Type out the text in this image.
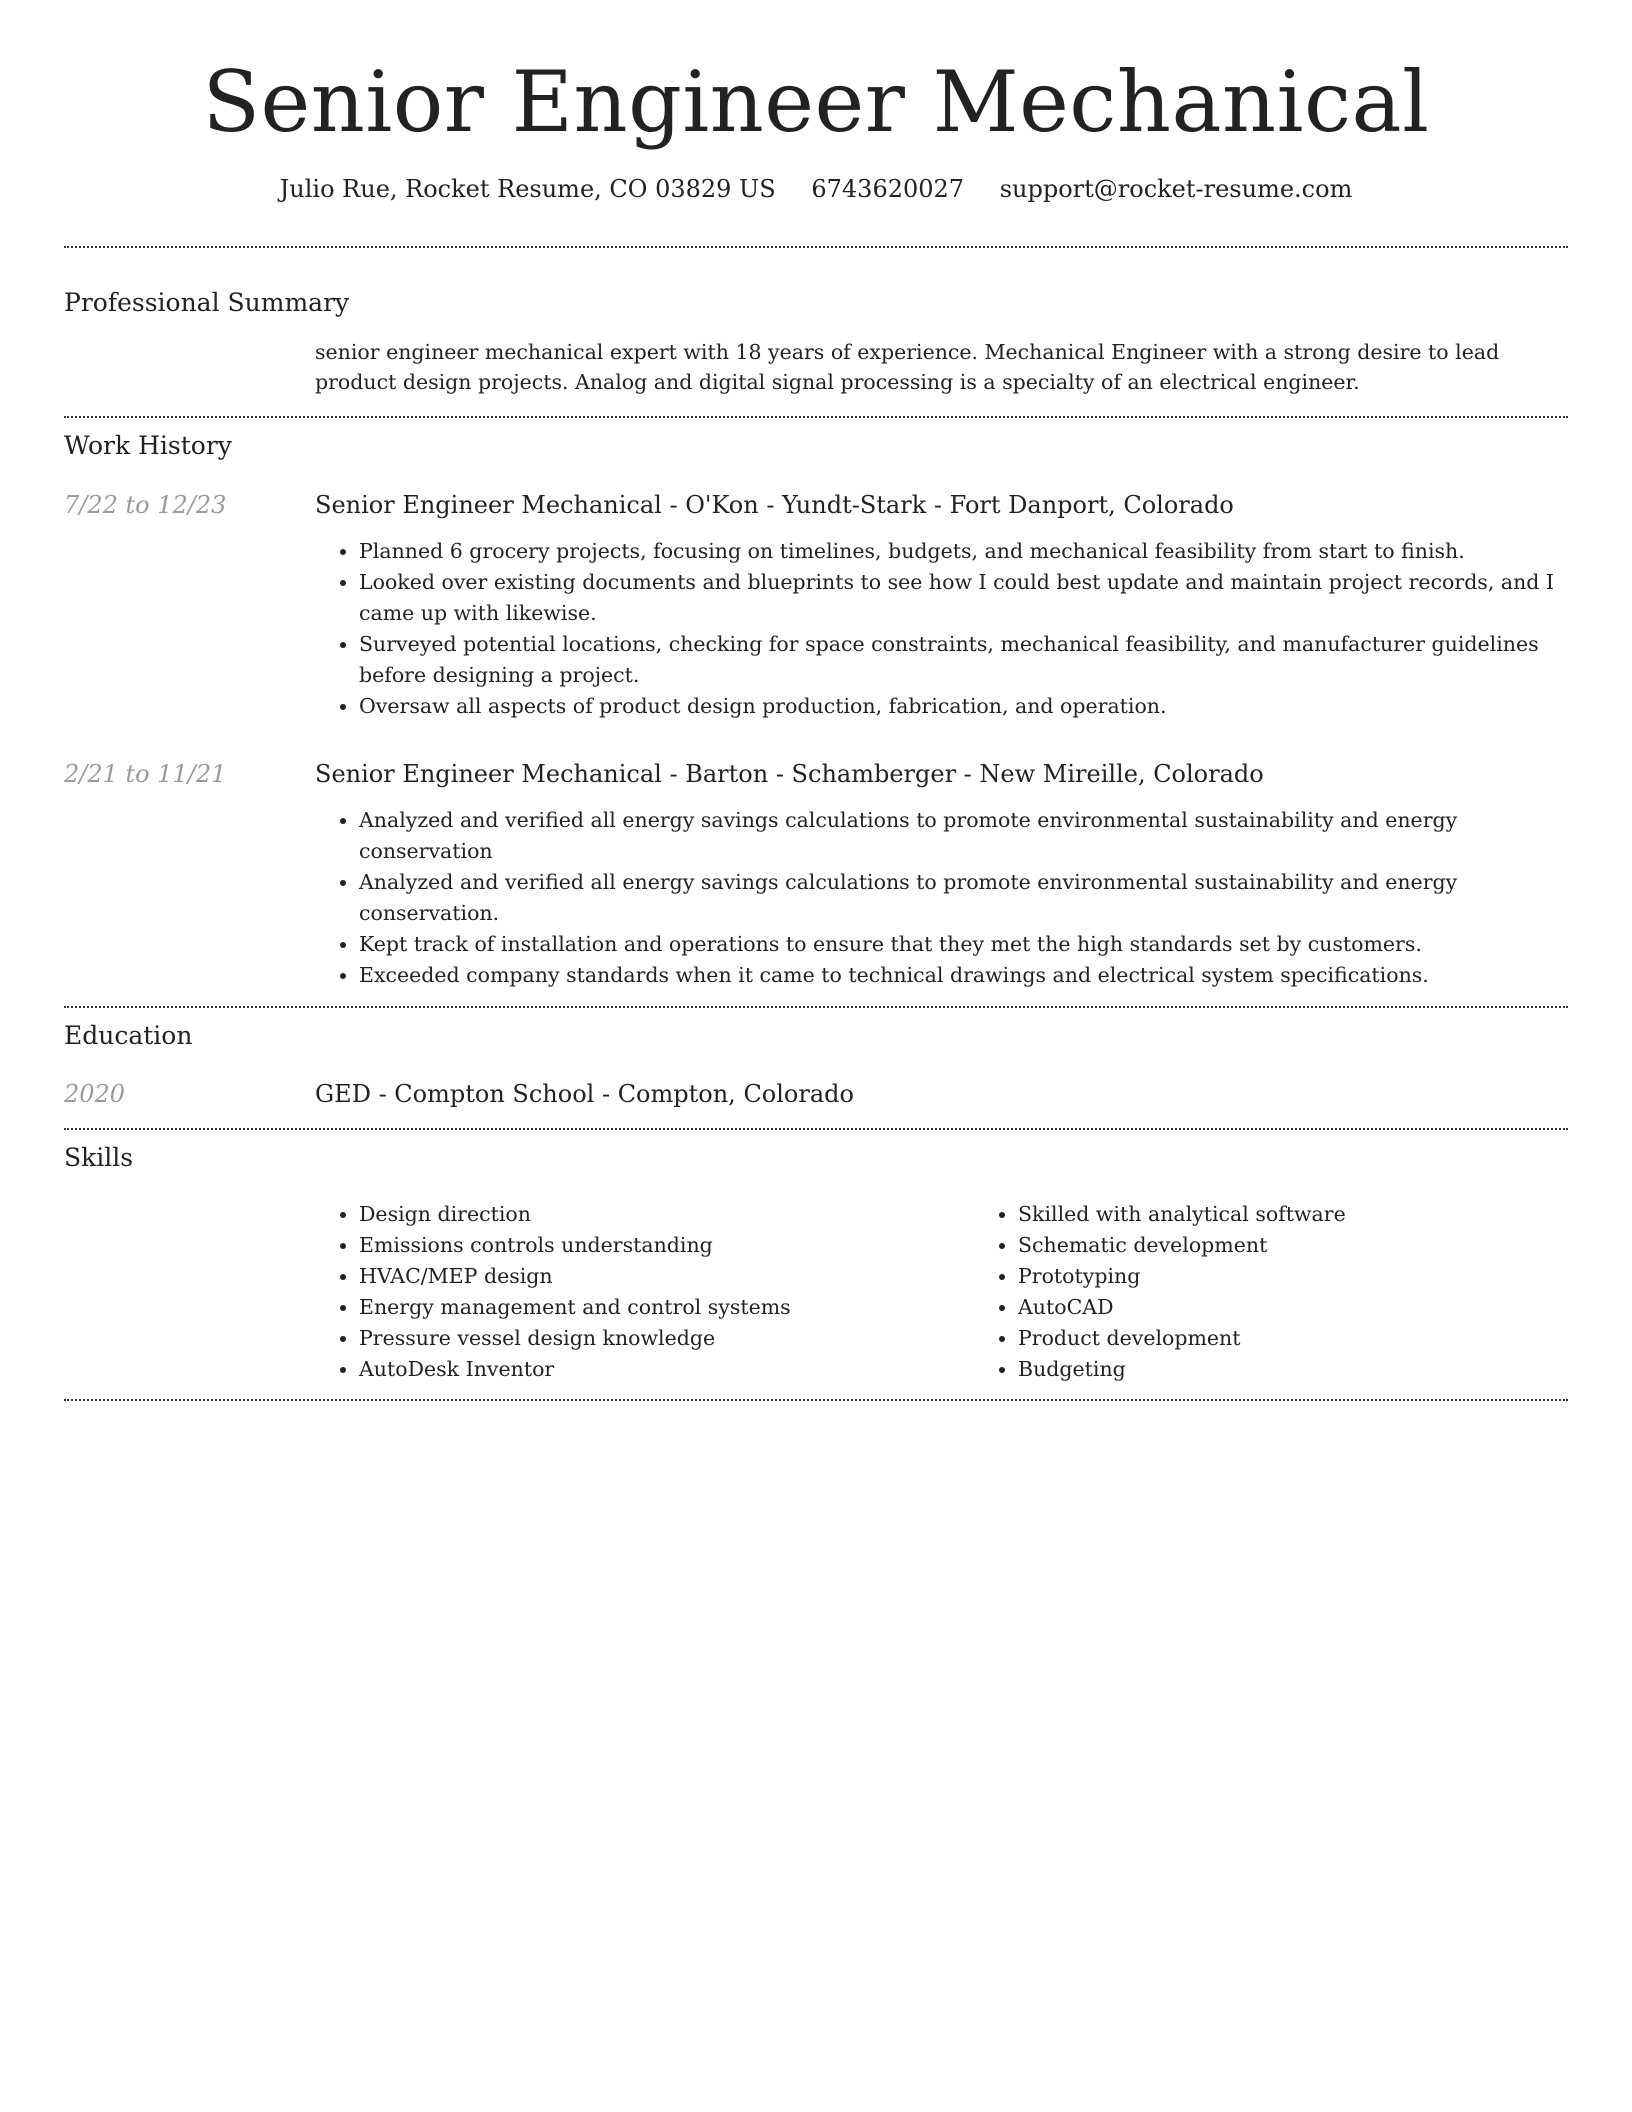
Senior Engineer Mechanical
Julio Rue, Rocket Resume, CO 03829 US 6743620027 support@rocket-resume.com
Professional Summary

senior engineer mechanical expert with 18 years of experience. Mechanical Engineer with a strong desire to lead product design projects. Analog and digital signal processing is a specialty of an electrical engineer.

Work History
7/22 to 12/23	Senior Engineer Mechanical - O'Kon - Yundt-Stark - Fort Danport, Colorado
• Planned 6 grocery projects, focusing on timelines, budgets, and mechanical feasibility from start to finish.
• Looked over existing documents and blueprints to see how I could best update and maintain project records, and I came up with likewise.
• Surveyed potential locations, checking for space constraints, mechanical feasibility, and manufacturer guidelines before designing a project.
• Oversaw all aspects of product design production, fabrication, and operation.
2/21 to 11/21	Senior Engineer Mechanical - Barton - Schamberger - New Mireille, Colorado
• Analyzed and verified all energy savings calculations to promote environmental sustainability and energy conservation
• Analyzed and verified all energy savings calculations to promote environmental sustainability and energy conservation.
• Kept track of installation and operations to ensure that they met the high standards set by customers.
• Exceeded company standards when it came to technical drawings and electrical system specifications.
Education
2020	GED - Compton School - Compton, Colorado
Skills
• Design direction
• Emissions controls understanding
• HVAC/MEP design
• Energy management and control systems
• Pressure vessel design knowledge
• AutoDesk Inventor
• Skilled with analytical software
• Schematic development
• Prototyping
• AutoCAD
• Product development
• Budgeting
